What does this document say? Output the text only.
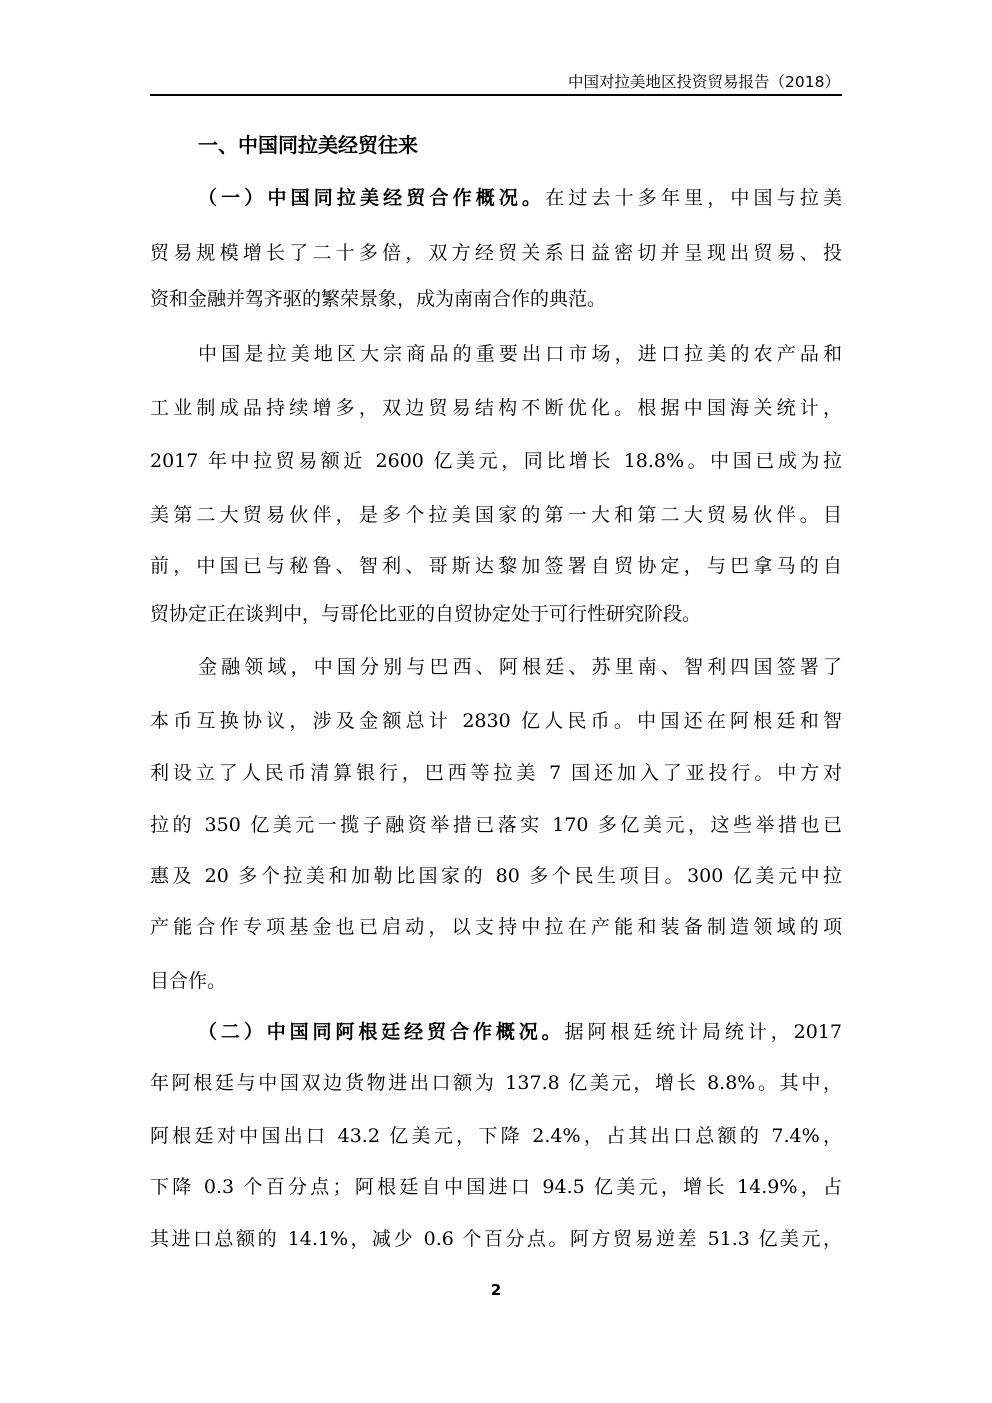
中国对拉美地区投资贸易报告（2018）
一、中国同拉美经贸往来
（一）中国同拉美经贸合作概况。在过去十多年里，中国与拉美
贸易规模增长了二十多倍，双方经贸关系日益密切并呈现出贸易、投
资和金融并驾齐驱的繁荣景象，成为南南合作的典范。
中国是拉美地区大宗商品的重要出口市场，进口拉美的农产品和
工业制成品持续增多，双边贸易结构不断优化。根据中国海关统计，
2017 年中拉贸易额近 2600 亿美元，同比增长 18.8%。中国已成为拉
美第二大贸易伙伴，是多个拉美国家的第一大和第二大贸易伙伴。目
前，中国已与秘鲁、智利、哥斯达黎加签署自贸协定，与巴拿马的自
贸协定正在谈判中，与哥伦比亚的自贸协定处于可行性研究阶段。
金融领域，中国分别与巴西、阿根廷、苏里南、智利四国签署了
本币互换协议，涉及金额总计 2830 亿人民币。中国还在阿根廷和智
利设立了人民币清算银行，巴西等拉美 7 国还加入了亚投行。中方对
拉的 350 亿美元一揽子融资举措已落实 170 多亿美元，这些举措也已
惠及 20 多个拉美和加勒比国家的 80 多个民生项目。300 亿美元中拉
产能合作专项基金也已启动，以支持中拉在产能和装备制造领域的项
目合作。
（二）中国同阿根廷经贸合作概况。据阿根廷统计局统计，2017
年阿根廷与中国双边货物进出口额为 137.8 亿美元，增长 8.8%。其中，
阿根廷对中国出口 43.2 亿美元，下降 2.4%，占其出口总额的 7.4%，
下降 0.3 个百分点；阿根廷自中国进口 94.5 亿美元，增长 14.9%，占
其进口总额的 14.1%，减少 0.6 个百分点。阿方贸易逆差 51.3 亿美元，
2
